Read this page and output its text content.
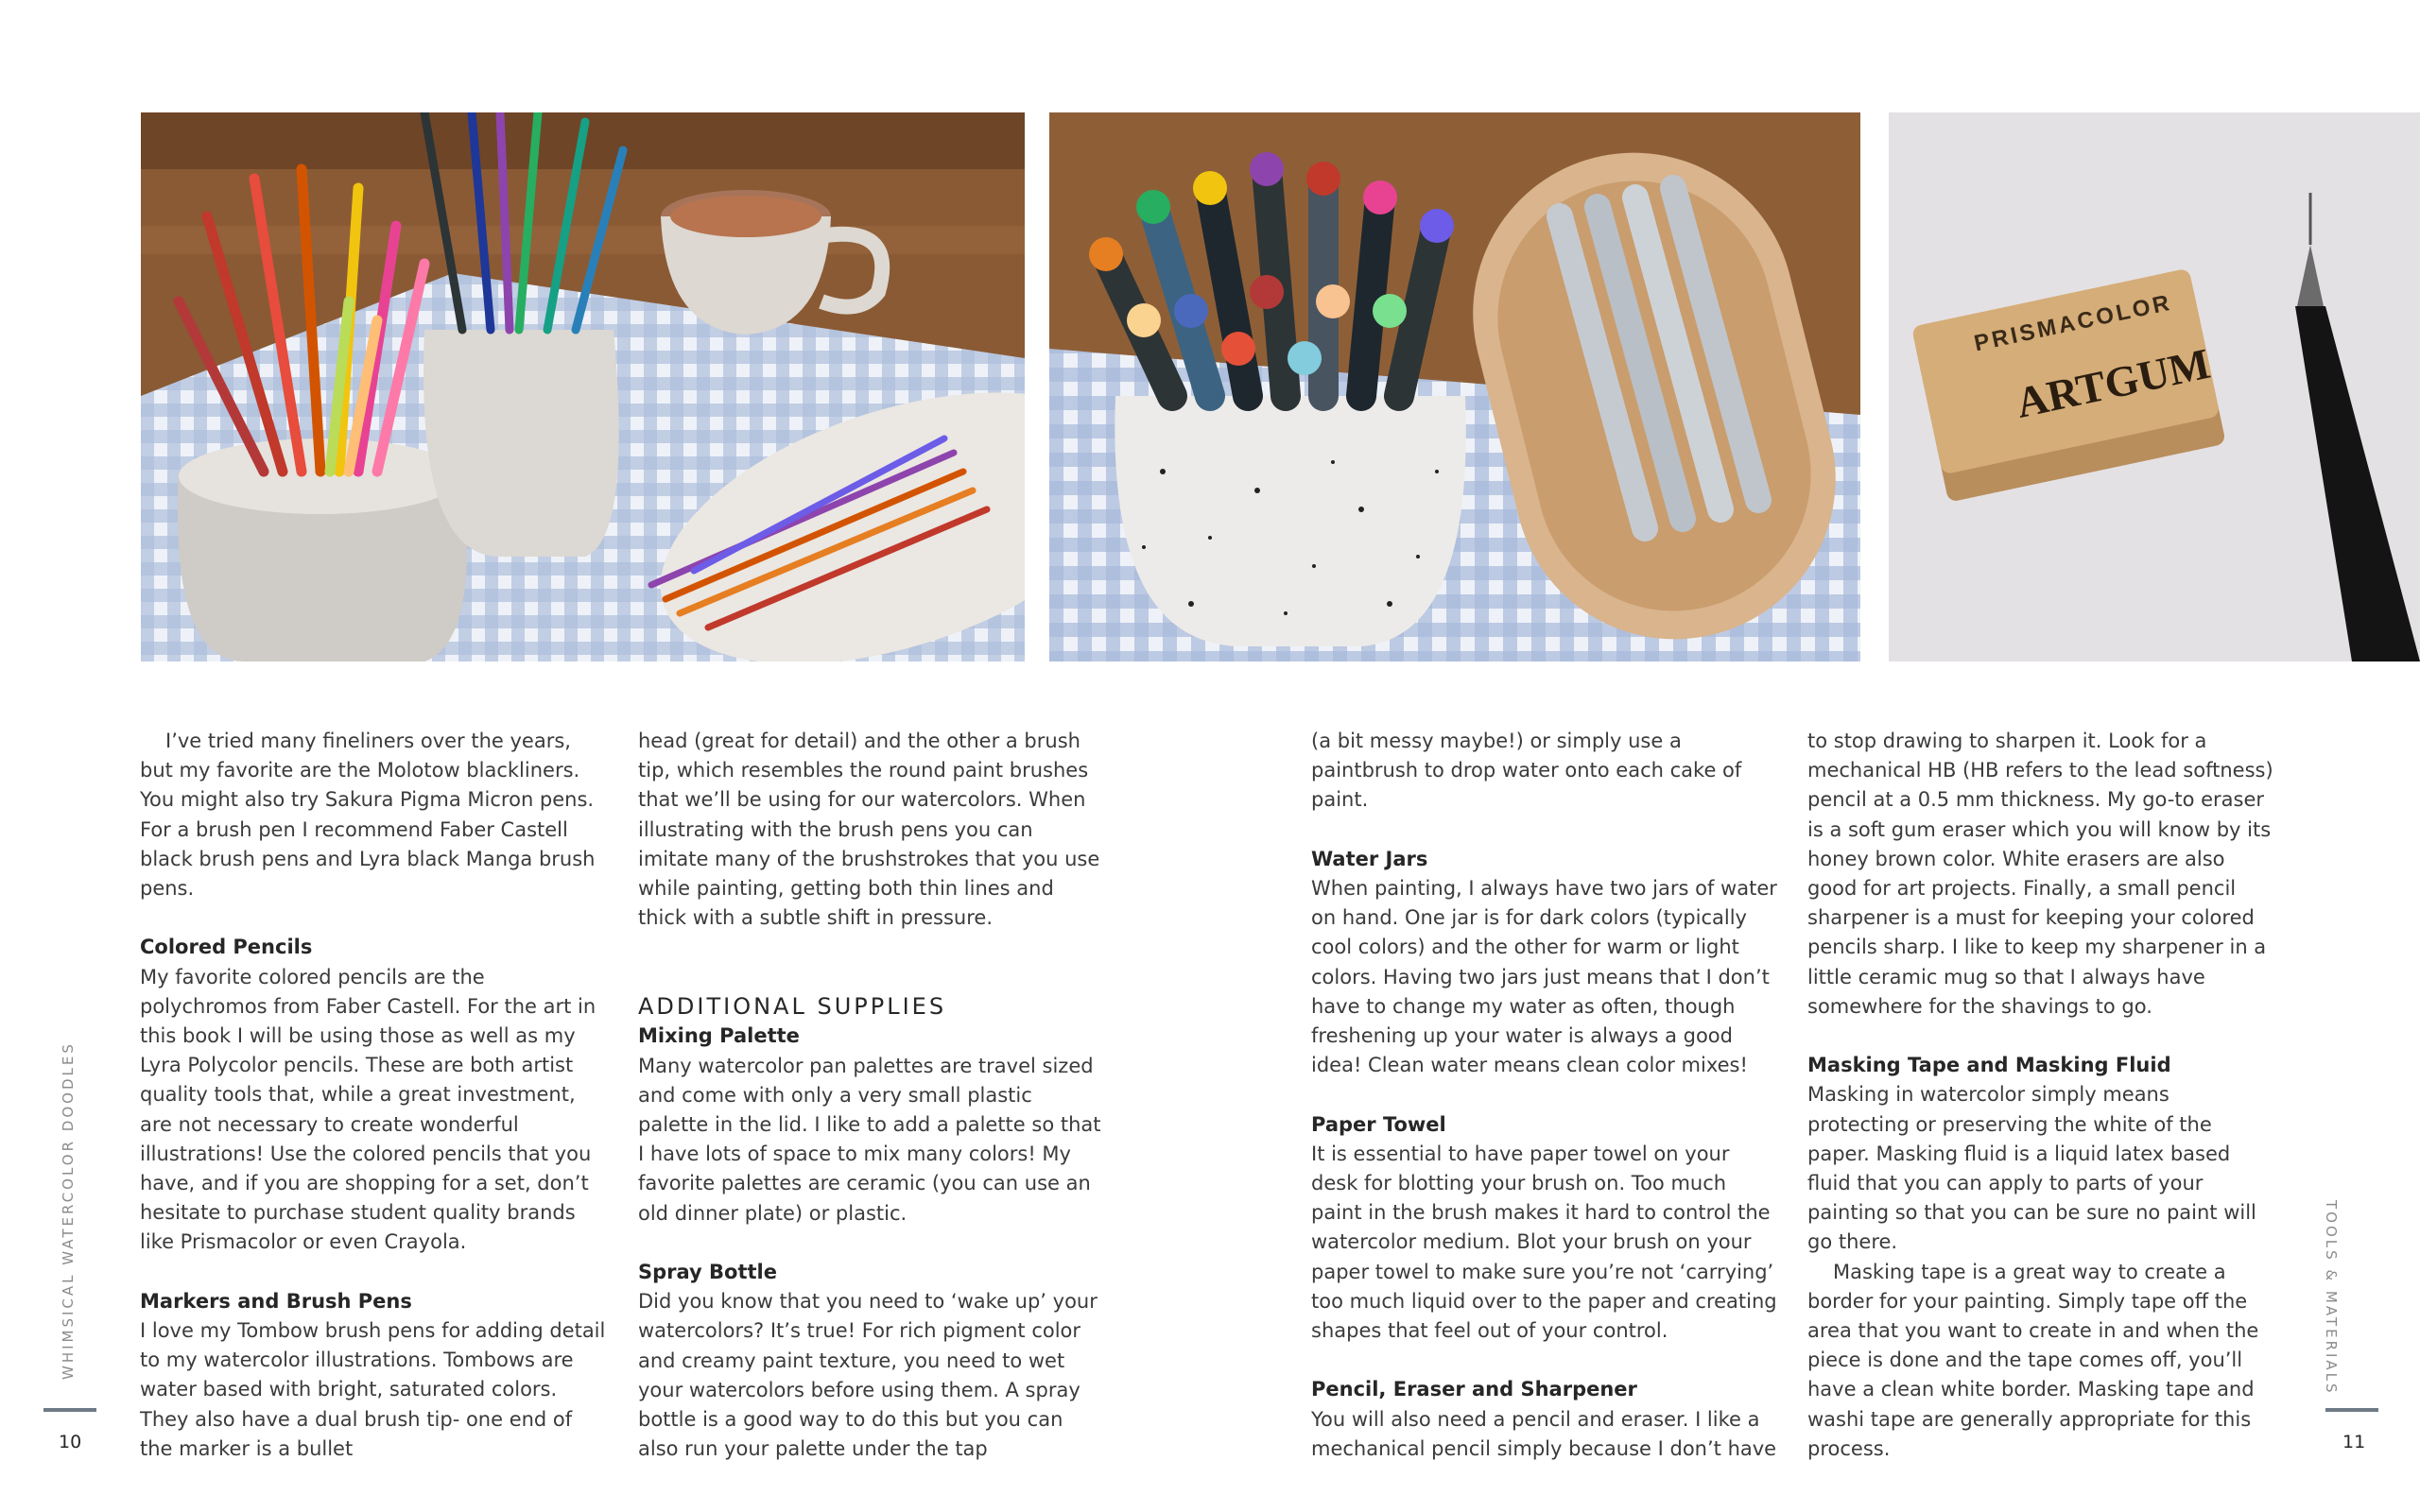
PRISMACOLOR
ARTGUM

I’ve tried many fineliners over the years, but my favorite are the Molotow blackliners. You might also try Sakura Pigma Micron pens. For a brush pen I recommend Faber Castell black brush pens and Lyra black Manga brush pens.

Colored Pencils

My favorite colored pencils are the polychromos from Faber Castell. For the art in this book I will be using those as well as my Lyra Polycolor pencils. These are both artist quality tools that, while a great investment, are not necessary to create wonderful illustrations! Use the colored pencils that you have, and if you are shopping for a set, don’t hesitate to purchase student quality brands like Prismacolor or even Crayola.

Markers and Brush Pens

I love my Tombow brush pens for adding detail to my watercolor illustrations. Tombows are water based with bright, saturated colors. They also have a dual brush tip- one end of the marker is a bullet

head (great for detail) and the other a brush tip, which resembles the round paint brushes that we’ll be using for our watercolors. When illustrating with the brush pens you can imitate many of the brushstrokes that you use while painting, getting both thin lines and thick with a subtle shift in pressure.

ADDITIONAL SUPPLIES

Mixing Palette

Many watercolor pan palettes are travel sized and come with only a very small plastic palette in the lid. I like to add a palette so that I have lots of space to mix many colors! My favorite palettes are ceramic (you can use an old dinner plate) or plastic.

Spray Bottle

Did you know that you need to ‘wake up’ your watercolors? It’s true! For rich pigment color and creamy paint texture, you need to wet your watercolors before using them. A spray bottle is a good way to do this but you can also run your palette under the tap

(a bit messy maybe!) or simply use a paintbrush to drop water onto each cake of paint.

Water Jars

When painting, I always have two jars of water on hand. One jar is for dark colors (typically cool colors) and the other for warm or light colors. Having two jars just means that I don’t have to change my water as often, though freshening up your water is always a good idea! Clean water means clean color mixes!

Paper Towel

It is essential to have paper towel on your desk for blotting your brush on. Too much paint in the brush makes it hard to control the watercolor medium. Blot your brush on your paper towel to make sure you’re not ‘carrying’ too much liquid over to the paper and creating shapes that feel out of your control.

Pencil, Eraser and Sharpener

You will also need a pencil and eraser. I like a mechanical pencil simply because I don’t have

to stop drawing to sharpen it. Look for a mechanical HB (HB refers to the lead softness) pencil at a 0.5 mm thickness. My go-to eraser is a soft gum eraser which you will know by its honey brown color. White erasers are also good for art projects. Finally, a small pencil sharpener is a must for keeping your colored pencils sharp. I like to keep my sharpener in a little ceramic mug so that I always have somewhere for the shavings to go.

Masking Tape and Masking Fluid

Masking in watercolor simply means protecting or preserving the white of the paper. Masking fluid is a liquid latex based fluid that you can apply to parts of your painting so that you can be sure no paint will go there.

Masking tape is a great way to create a border for your painting. Simply tape off the area that you want to create in and when the piece is done and the tape comes off, you’ll have a clean white border. Masking tape and washi tape are generally appropriate for this process.

WHIMSICAL WATERCOLOR DOODLES	TOOLS & MATERIALS
10	11
